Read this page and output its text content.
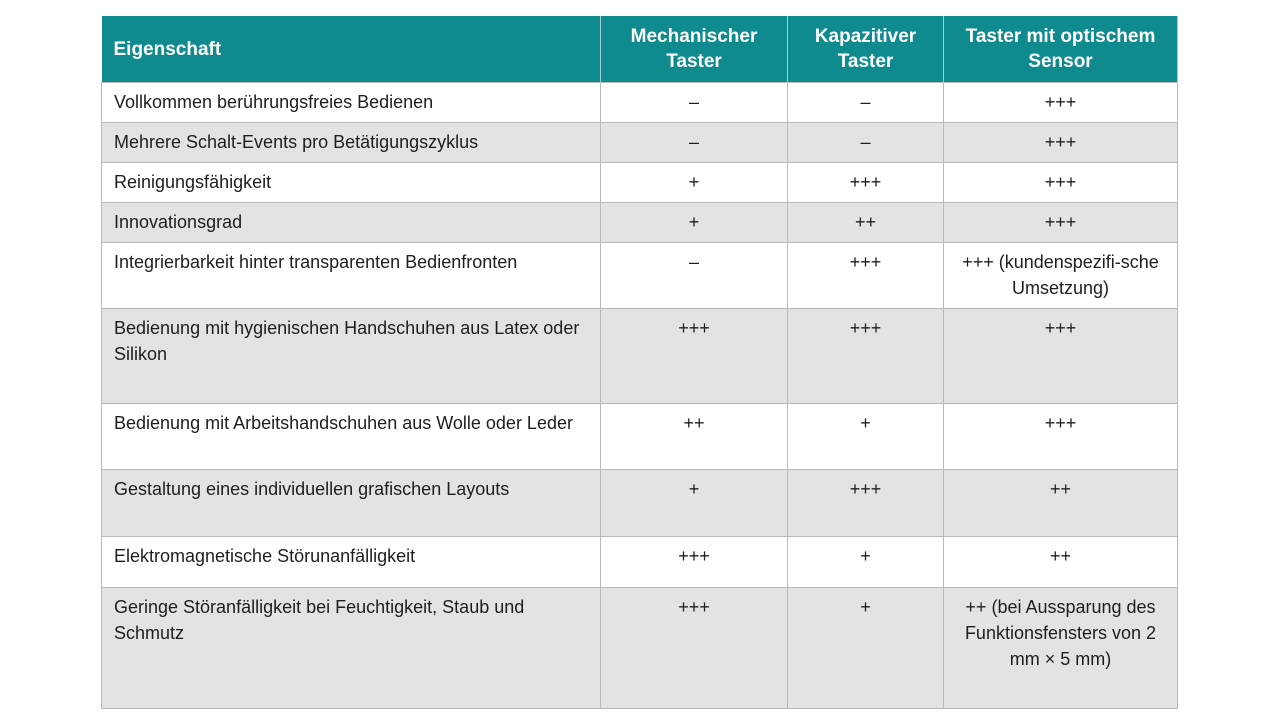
Eigenschaft	Mechanischer Taster	Kapazitiver Taster	Taster mit optischem Sensor
Vollkommen berührungsfreies Bedienen	–	–	+++
Mehrere Schalt-Events pro Betätigungszyklus	–	–	+++
Reinigungsfähigkeit	+	+++	+++
Innovationsgrad	+	++	+++
Integrierbarkeit hinter transparenten Bedienfronten	–	+++	+++ (kundenspezifi-sche Umsetzung)
Bedienung mit hygienischen Handschuhen aus Latex oder Silikon	+++	+++	+++
Bedienung mit Arbeitshandschuhen aus Wolle oder Leder	++	+	+++
Gestaltung eines individuellen grafischen Layouts	+	+++	++
Elektromagnetische Störunanfälligkeit	+++	+	++
Geringe Störanfälligkeit bei Feuchtigkeit, Staub und Schmutz	+++	+	++ (bei Aussparung des Funktionsfensters von 2 mm × 5 mm)
